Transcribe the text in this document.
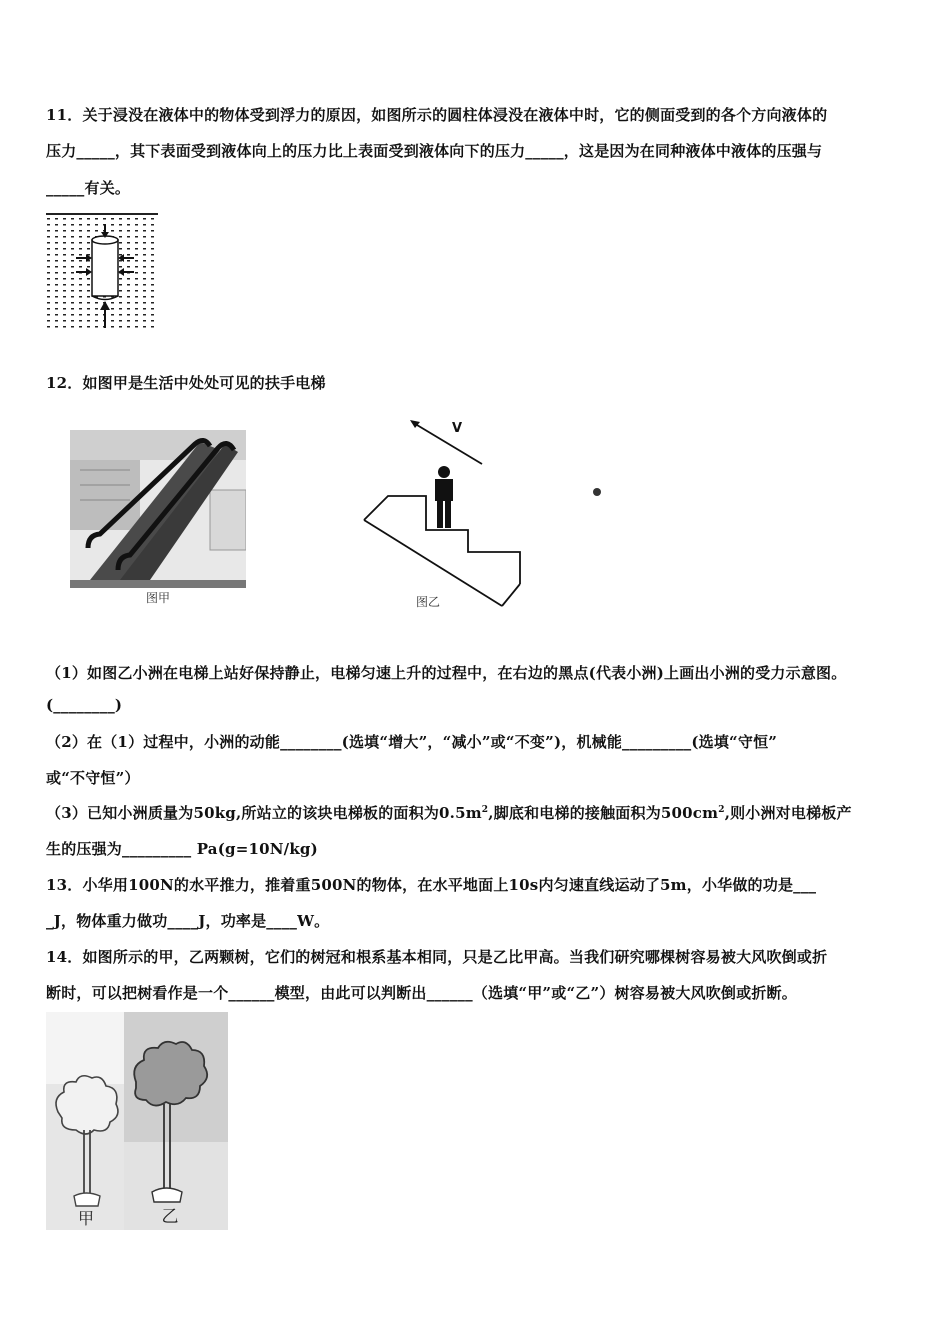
11．关于浸没在液体中的物体受到浮力的原因，如图所示的圆柱体浸没在液体中时，它的侧面受到的各个方向液体的
压力_____，其下表面受到液体向上的压力比上表面受到液体向下的压力_____，这是因为在同种液体中液体的压强与
_____有关。
12．如图甲是生活中处处可见的扶手电梯
图甲
V
图乙
（1）如图乙小洲在电梯上站好保持静止，电梯匀速上升的过程中，在右边的黑点(代表小洲)上画出小洲的受力示意图。
(________)
（2）在（1）过程中，小洲的动能________(选填“增大”，“减小”或“不变”)，机械能_________(选填“守恒”
或“不守恒”）
（3）已知小洲质量为50kg,所站立的该块电梯板的面积为$0.5m^2$,脚底和电梯的接触面积为$500cm^2$,则小洲对电梯板产
生的压强为_________ Pa(g=10N/kg)
13．小华用100N的水平推力，推着重500N的物体，在水平地面上10s内匀速直线运动了5m，小华做的功是___
_J，物体重力做功____J，功率是____W。
14．如图所示的甲，乙两颗树，它们的树冠和根系基本相同，只是乙比甲高。当我们研究哪棵树容易被大风吹倒或折
断时，可以把树看作是一个______模型，由此可以判断出______（选填“甲”或“乙”）树容易被大风吹倒或折断。
甲	乙
